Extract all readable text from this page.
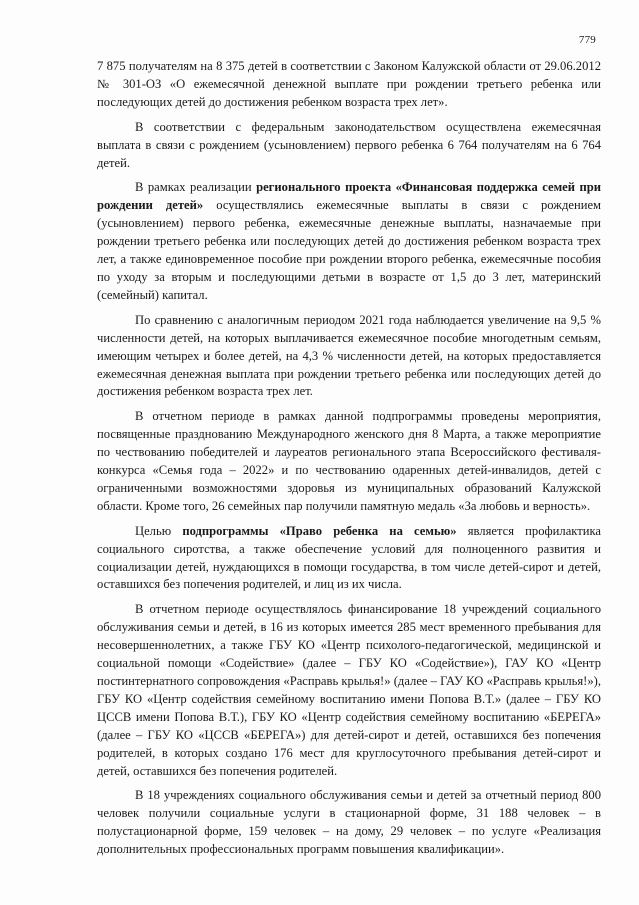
779

7 875 получателям на 8 375 детей в соответствии с Законом Калужской области от 29.06.2012 № 301-ОЗ «О ежемесячной денежной выплате при рождении третьего ребенка или последующих детей до достижения ребенком возраста трех лет».

В соответствии с федеральным законодательством осуществлена ежемесячная выплата в связи с рождением (усыновлением) первого ребенка 6 764 получателям на 6 764 детей.

В рамках реализации регионального проекта «Финансовая поддержка семей при рождении детей» осуществлялись ежемесячные выплаты в связи с рождением (усыновлением) первого ребенка, ежемесячные денежные выплаты, назначаемые при рождении третьего ребенка или последующих детей до достижения ребенком возраста трех лет, а также единовременное пособие при рождении второго ребенка, ежемесячные пособия по уходу за вторым и последующими детьми в возрасте от 1,5 до 3 лет, материнский (семейный) капитал.

По сравнению с аналогичным периодом 2021 года наблюдается увеличение на 9,5 % численности детей, на которых выплачивается ежемесячное пособие многодетным семьям, имеющим четырех и более детей, на 4,3 % численности детей, на которых предоставляется ежемесячная денежная выплата при рождении третьего ребенка или последующих детей до достижения ребенком возраста трех лет.

В отчетном периоде в рамках данной подпрограммы проведены мероприятия, посвященные празднованию Международного женского дня 8 Марта, а также мероприятие по чествованию победителей и лауреатов регионального этапа Всероссийского фестиваля-конкурса «Семья года – 2022» и по чествованию одаренных детей-инвалидов, детей с ограниченными возможностями здоровья из муниципальных образований Калужской области. Кроме того, 26 семейных пар получили памятную медаль «За любовь и верность».

Целью подпрограммы «Право ребенка на семью» является профилактика социального сиротства, а также обеспечение условий для полноценного развития и социализации детей, нуждающихся в помощи государства, в том числе детей-сирот и детей, оставшихся без попечения родителей, и лиц из их числа.

В отчетном периоде осуществлялось финансирование 18 учреждений социального обслуживания семьи и детей, в 16 из которых имеется 285 мест временного пребывания для несовершеннолетних, а также ГБУ КО «Центр психолого-педагогической, медицинской и социальной помощи «Содействие» (далее – ГБУ КО «Содействие»), ГАУ КО «Центр постинтернатного сопровождения «Расправь крылья!» (далее – ГАУ КО «Расправь крылья!»), ГБУ КО «Центр содействия семейному воспитанию имени Попова В.Т.» (далее – ГБУ КО ЦССВ имени Попова В.Т.), ГБУ КО «Центр содействия семейному воспитанию «БЕРЕГА» (далее – ГБУ КО «ЦССВ «БЕРЕГА») для детей-сирот и детей, оставшихся без попечения родителей, в которых создано 176 мест для круглосуточного пребывания детей-сирот и детей, оставшихся без попечения родителей.

В 18 учреждениях социального обслуживания семьи и детей за отчетный период 800 человек получили социальные услуги в стационарной форме, 31 188 человек – в полустационарной форме, 159 человек – на дому, 29 человек – по услуге «Реализация дополнительных профессиональных программ повышения квалификации».
